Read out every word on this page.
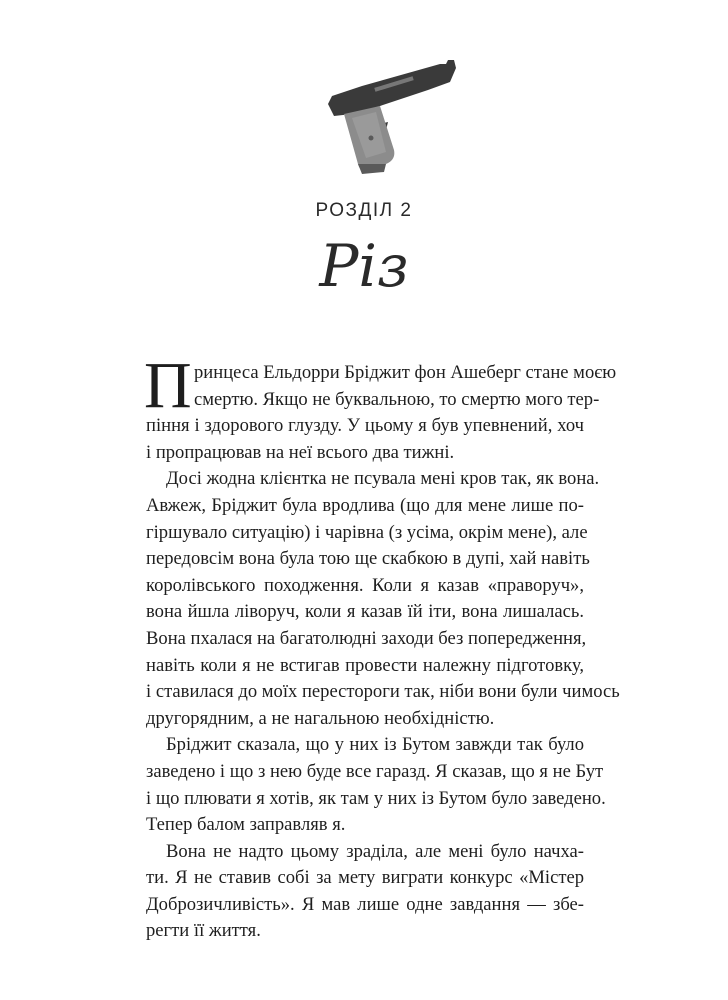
РОЗДІЛ 2
Різ
П ринцеса Ельдорри Бріджит фон Ашеберг стане моєю
смертю. Якщо не буквальною, то смертю мого тер-
піння і здорового глузду. У цьому я був упевнений, хоч
і пропрацював на неї всього два тижні.
Досі жодна клієнтка не псувала мені кров так, як вона.
Авжеж, Бріджит була вродлива (що для мене лише по-
гіршувало ситуацію) і чарівна (з усіма, окрім мене), але
передовсім вона була тою ще скабкою в дупі, хай навіть
королівського походження. Коли я казав «праворуч»,
вона йшла ліворуч, коли я казав їй іти, вона лишалась.
Вона пхалася на багатолюдні заходи без попередження,
навіть коли я не встигав провести належну підготовку,
і ставилася до моїх перестороги так, ніби вони були чимось
другорядним, а не нагальною необхідністю.
Бріджит сказала, що у них із Бутом завжди так було
заведено і що з нею буде все гаразд. Я сказав, що я не Бут
і що плювати я хотів, як там у них із Бутом було заведено.
Тепер балом заправляв я.
Вона не надто цьому зраділа, але мені було начха-
ти. Я не ставив собі за мету виграти конкурс «Містер
Доброзичливість». Я мав лише одне завдання — збе-
регти її життя.
